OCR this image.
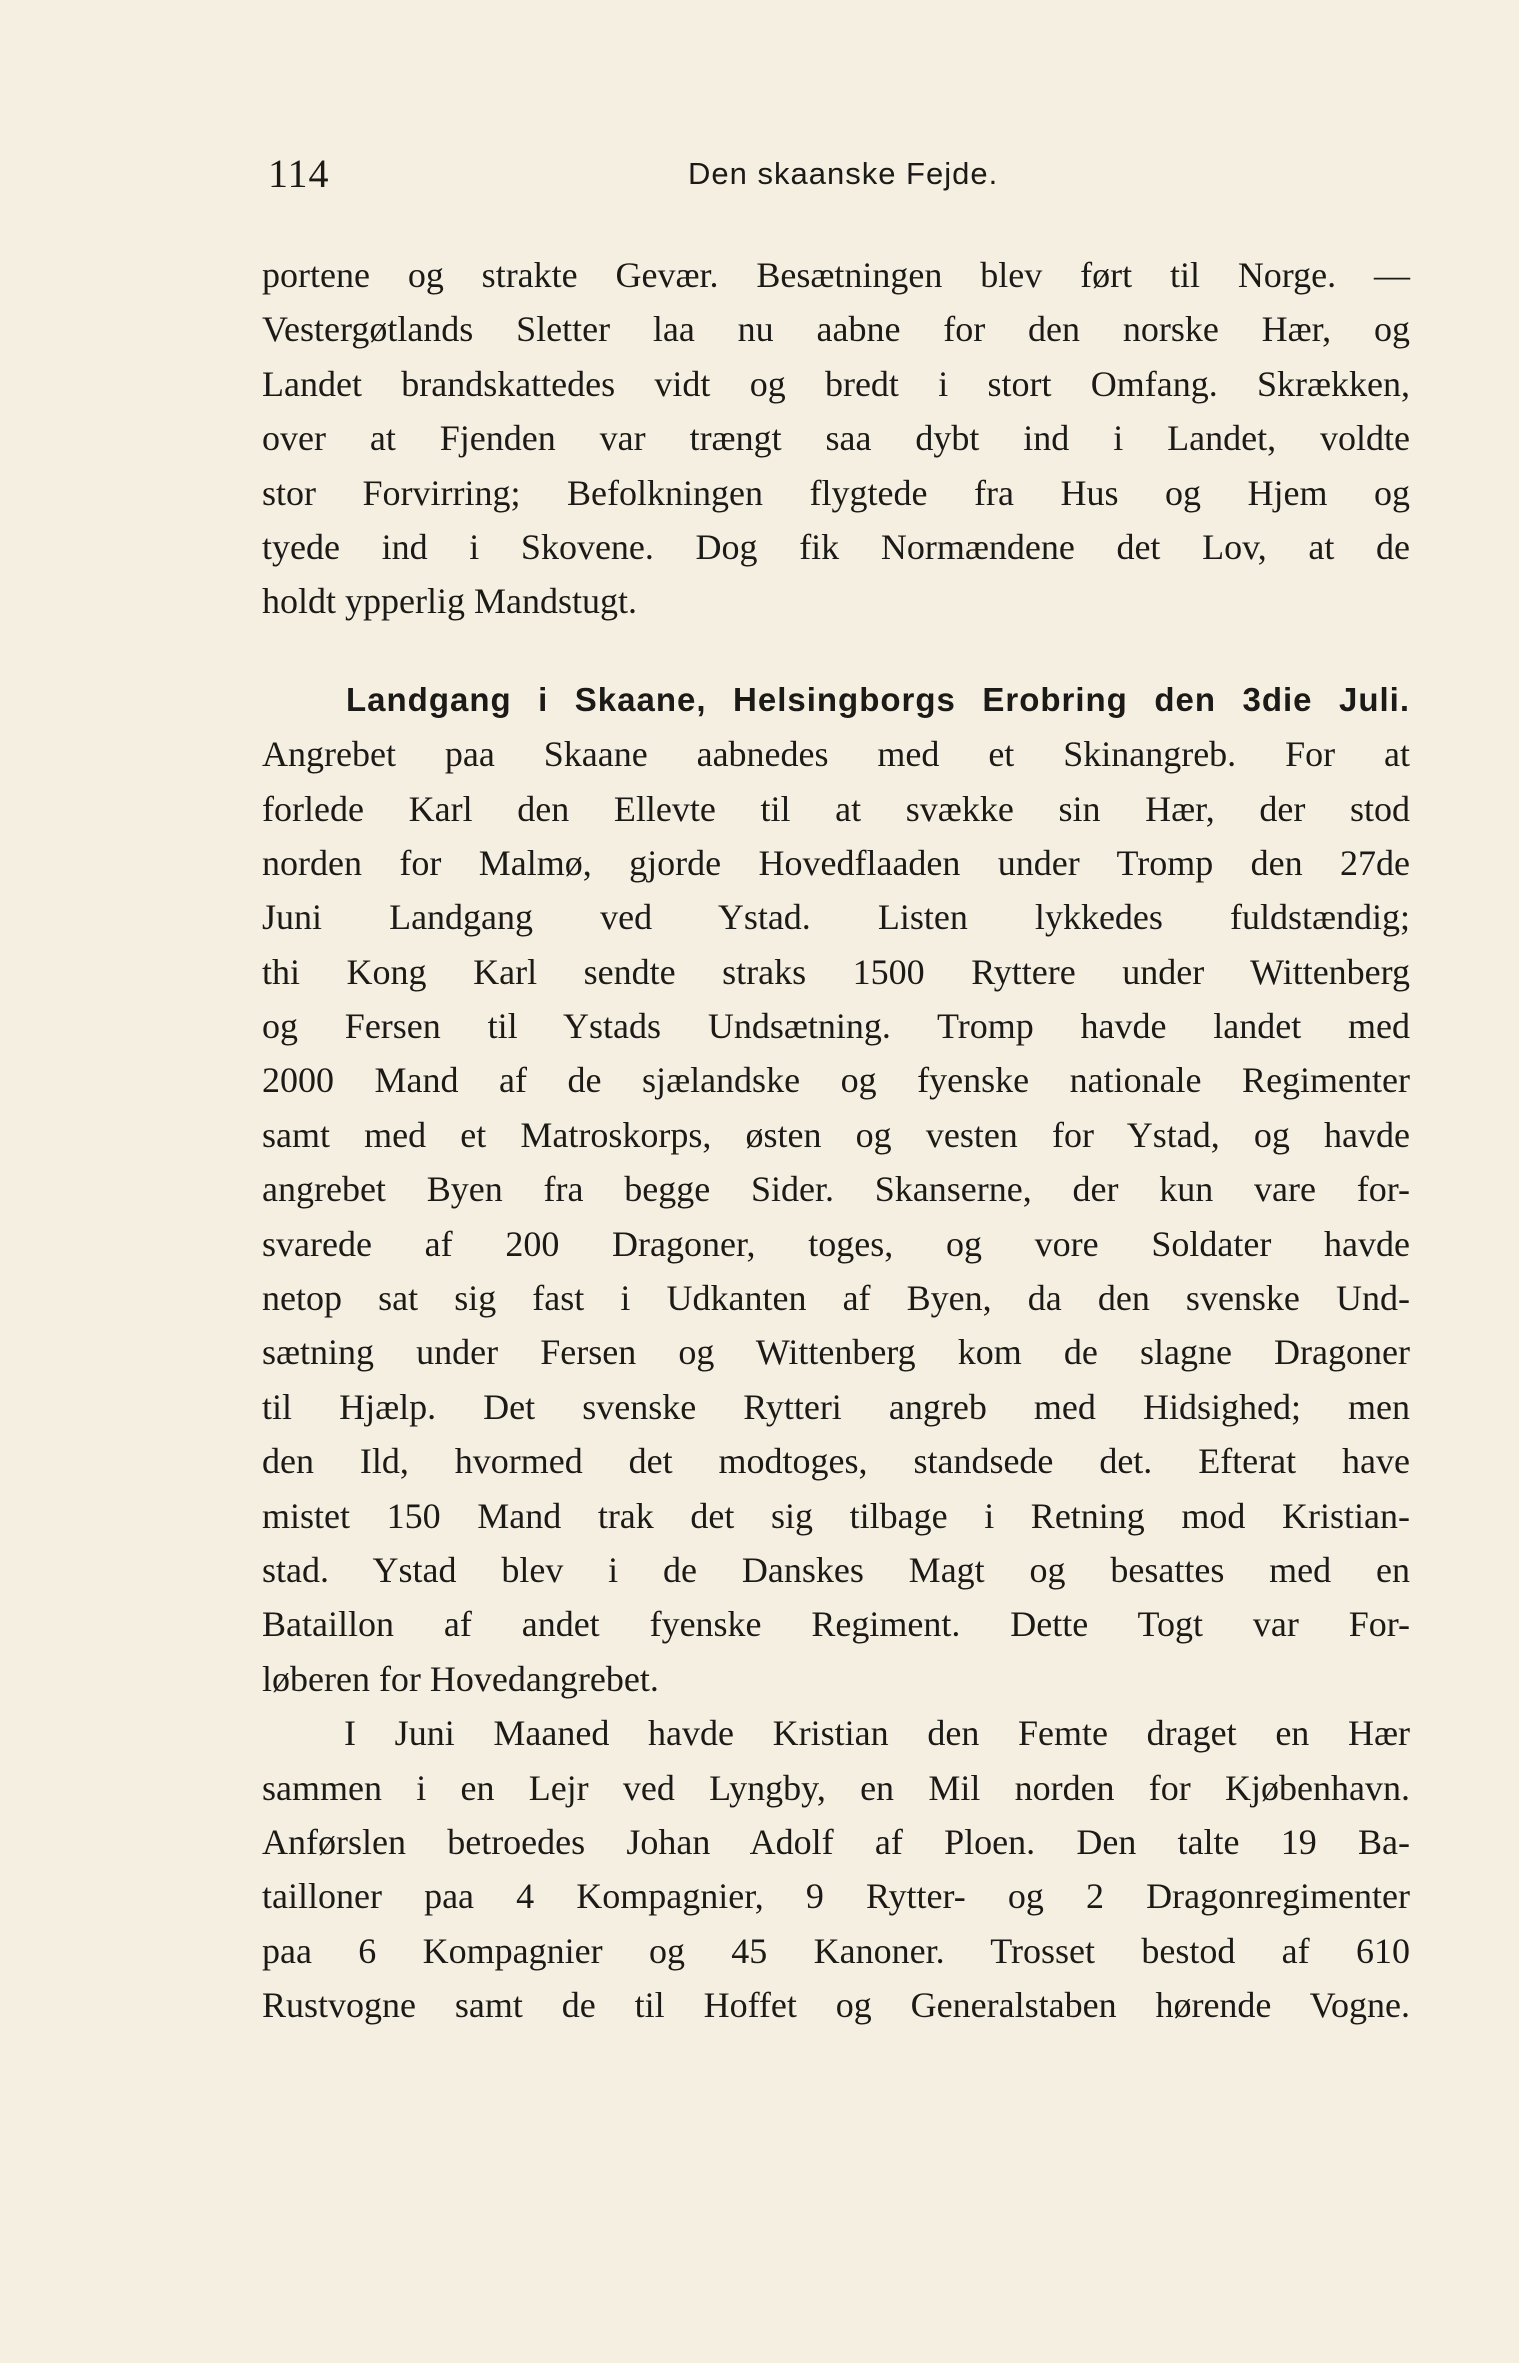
114	Den skaanske Fejde.
portene og strakte Gevær. Besætningen blev ført til Norge. —
Vestergøtlands Sletter laa nu aabne for den norske Hær, og
Landet brandskattedes vidt og bredt i stort Omfang. Skrækken,
over at Fjenden var trængt saa dybt ind i Landet, voldte
stor Forvirring; Befolkningen flygtede fra Hus og Hjem og
tyede ind i Skovene. Dog fik Normændene det Lov, at de
holdt ypperlig Mandstugt.
Landgang i Skaane, Helsingborgs Erobring den 3die Juli.
Angrebet paa Skaane aabnedes med et Skinangreb. For at
forlede Karl den Ellevte til at svække sin Hær, der stod
norden for Malmø, gjorde Hovedflaaden under Tromp den 27de
Juni Landgang ved Ystad. Listen lykkedes fuldstændig;
thi Kong Karl sendte straks 1500 Ryttere under Wittenberg
og Fersen til Ystads Undsætning. Tromp havde landet med
2000 Mand af de sjælandske og fyenske nationale Regimenter
samt med et Matroskorps, østen og vesten for Ystad, og havde
angrebet Byen fra begge Sider. Skanserne, der kun vare for-
svarede af 200 Dragoner, toges, og vore Soldater havde
netop sat sig fast i Udkanten af Byen, da den svenske Und-
sætning under Fersen og Wittenberg kom de slagne Dragoner
til Hjælp. Det svenske Rytteri angreb med Hidsighed; men
den Ild, hvormed det modtoges, standsede det. Efterat have
mistet 150 Mand trak det sig tilbage i Retning mod Kristian-
stad. Ystad blev i de Danskes Magt og besattes med en
Bataillon af andet fyenske Regiment. Dette Togt var For-
løberen for Hovedangrebet.
I Juni Maaned havde Kristian den Femte draget en Hær
sammen i en Lejr ved Lyngby, en Mil norden for Kjøbenhavn.
Anførslen betroedes Johan Adolf af Ploen. Den talte 19 Ba-
tailloner paa 4 Kompagnier, 9 Rytter- og 2 Dragonregimenter
paa 6 Kompagnier og 45 Kanoner. Trosset bestod af 610
Rustvogne samt de til Hoffet og Generalstaben hørende Vogne.
